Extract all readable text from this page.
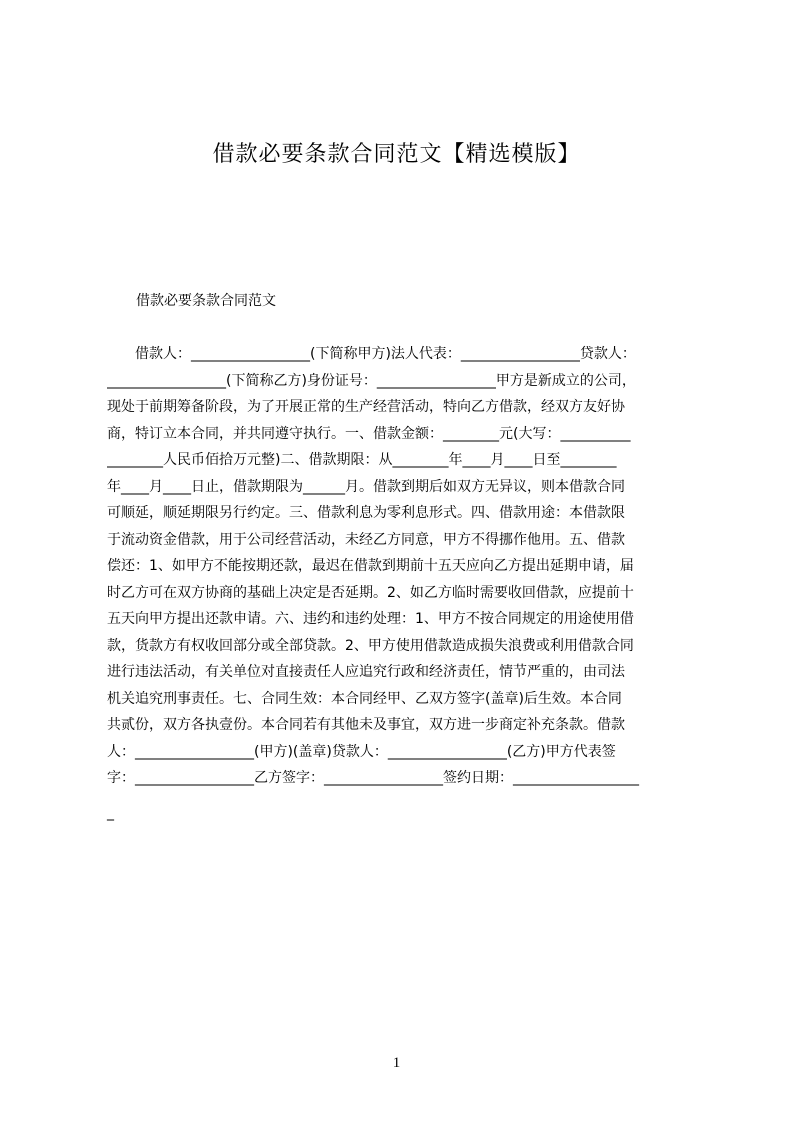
借款必要条款合同范文【精选模版】

借款必要条款合同范文

　　借款人：_________________(下简称甲方)法人代表：_________________贷款人：
_________________(下简称乙方)身份证号：_________________甲方是新成立的公司，
现处于前期筹备阶段，为了开展正常的生产经营活动，特向乙方借款，经双方友好协
商，特订立本合同，并共同遵守执行。一、借款金额：________元(大写：__________
________人民币佰拾万元整)二、借款期限：从________年____月____日至________
年____月____日止，借款期限为______月。借款到期后如双方无异议，则本借款合同
可顺延，顺延期限另行约定。三、借款利息为零利息形式。四、借款用途：本借款限
于流动资金借款，用于公司经营活动，未经乙方同意，甲方不得挪作他用。五、借款
偿还：1、如甲方不能按期还款，最迟在借款到期前十五天应向乙方提出延期申请，届
时乙方可在双方协商的基础上决定是否延期。2、如乙方临时需要收回借款，应提前十
五天向甲方提出还款申请。六、违约和违约处理：1、甲方不按合同规定的用途使用借
款，货款方有权收回部分或全部贷款。2、甲方使用借款造成损失浪费或利用借款合同
进行违法活动，有关单位对直接责任人应追究行政和经济责任，情节严重的，由司法
机关追究刑事责任。七、合同生效：本合同经甲、乙双方签字(盖章)后生效。本合同
共贰份，双方各执壹份。本合同若有其他未及事宜，双方进一步商定补充条款。借款
人：_________________(甲方)(盖章)贷款人：_________________(乙方)甲方代表签
字：_________________乙方签字：_________________签约日期：__________________
_
1
